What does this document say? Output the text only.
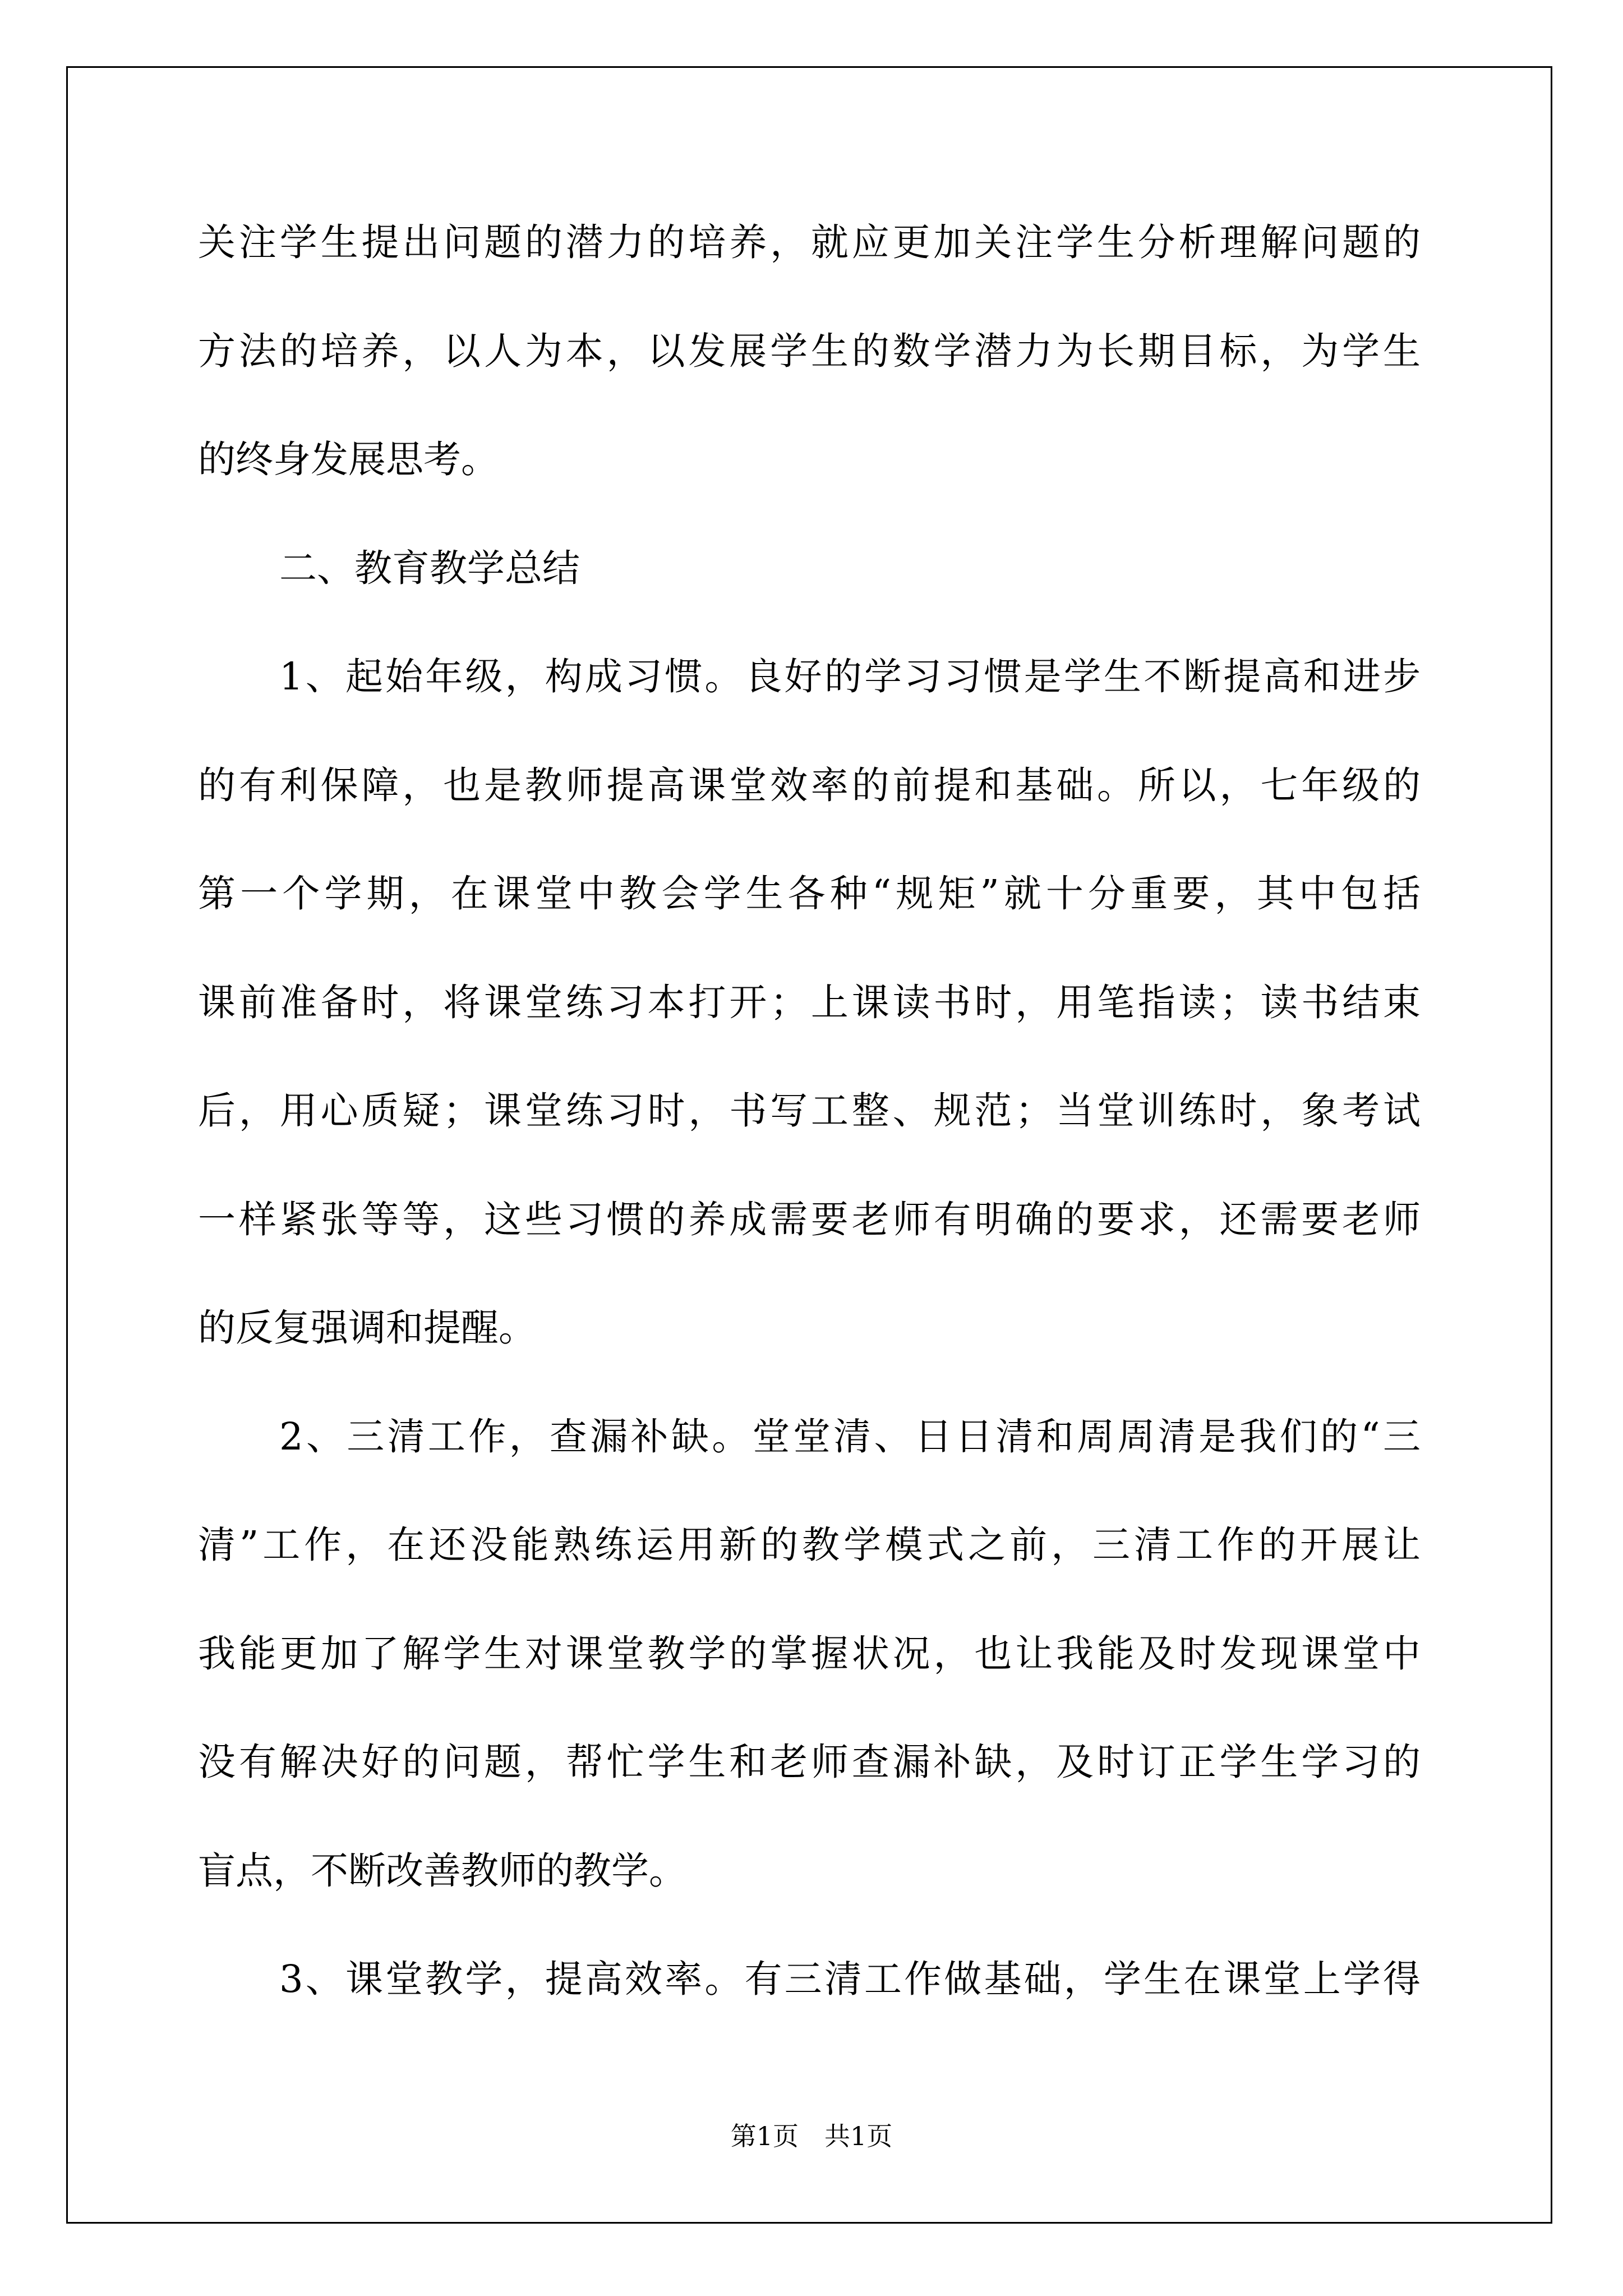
关注学生提出问题的潜力的培养，就应更加关注学生分析理解问题的
方法的培养，以人为本，以发展学生的数学潜力为长期目标，为学生
的终身发展思考。
二、教育教学总结
1、起始年级，构成习惯。良好的学习习惯是学生不断提高和进步
的有利保障，也是教师提高课堂效率的前提和基础。所以，七年级的
第一个学期，在课堂中教会学生各种“规矩”就十分重要，其中包括
课前准备时，将课堂练习本打开；上课读书时，用笔指读；读书结束
后，用心质疑；课堂练习时，书写工整、规范；当堂训练时，象考试
一样紧张等等，这些习惯的养成需要老师有明确的要求，还需要老师
的反复强调和提醒。
2、三清工作，查漏补缺。堂堂清、日日清和周周清是我们的“三
清”工作，在还没能熟练运用新的教学模式之前，三清工作的开展让
我能更加了解学生对课堂教学的掌握状况，也让我能及时发现课堂中
没有解决好的问题，帮忙学生和老师查漏补缺，及时订正学生学习的
盲点，不断改善教师的教学。
3、课堂教学，提高效率。有三清工作做基础，学生在课堂上学得
第1页　共1页
